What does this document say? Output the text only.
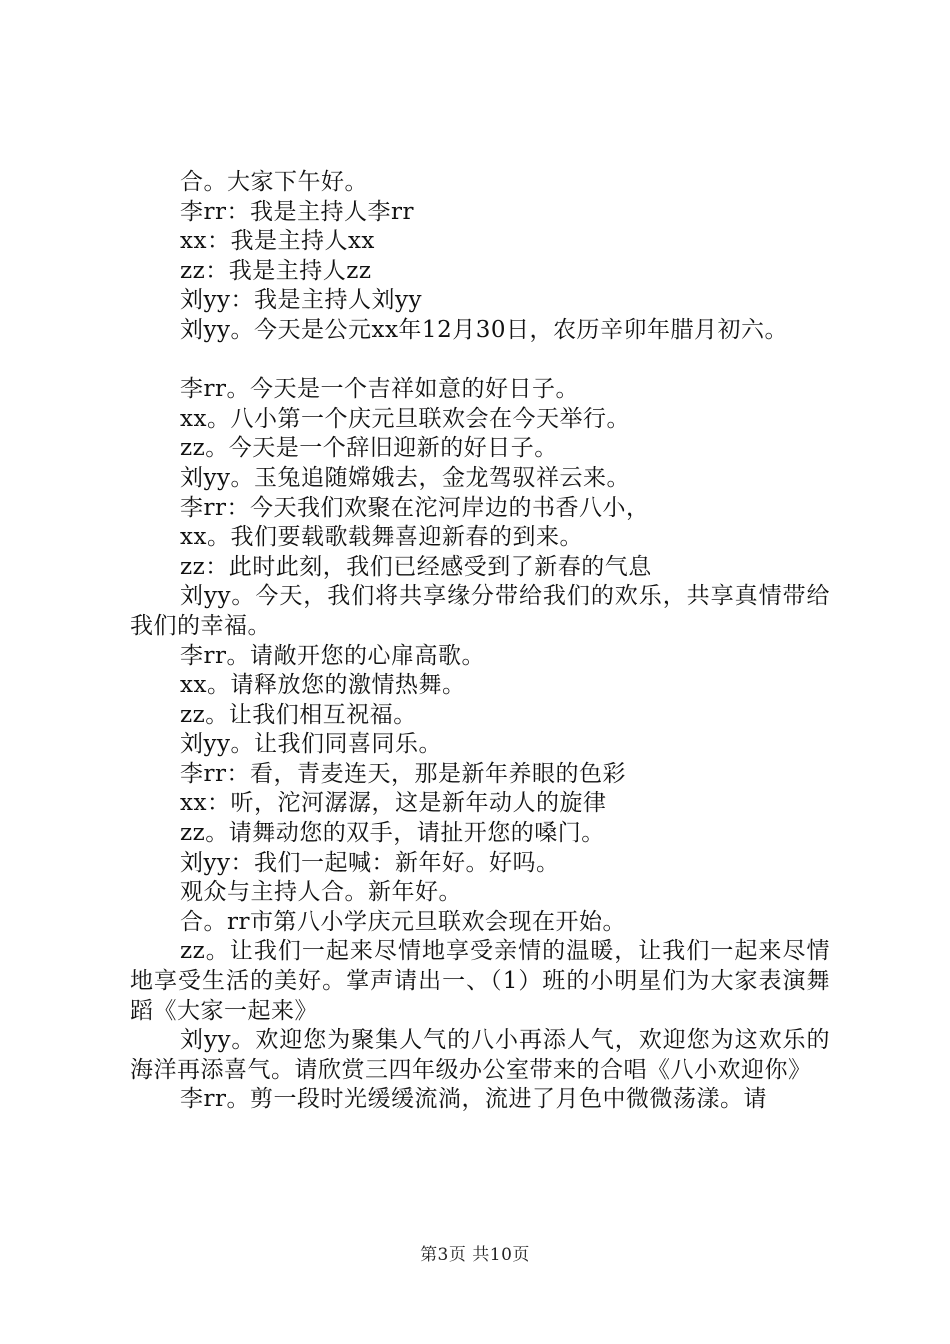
合。大家下午好。
李rr：我是主持人李rr
xx：我是主持人xx
zz：我是主持人zz
刘yy：我是主持人刘yy
刘yy。今天是公元xx年12月30日，农历辛卯年腊月初六。
李rr。今天是一个吉祥如意的好日子。
xx。八小第一个庆元旦联欢会在今天举行。
zz。今天是一个辞旧迎新的好日子。
刘yy。玉兔追随嫦娥去，金龙驾驭祥云来。
李rr：今天我们欢聚在沱河岸边的书香八小，
xx。我们要载歌载舞喜迎新春的到来。
zz：此时此刻，我们已经感受到了新春的气息
刘yy。今天，我们将共享缘分带给我们的欢乐，共享真情带给我们的幸福。
李rr。请敞开您的心扉高歌。
xx。请释放您的激情热舞。
zz。让我们相互祝福。
刘yy。让我们同喜同乐。
李rr：看，青麦连天，那是新年养眼的色彩
xx：听，沱河潺潺，这是新年动人的旋律
zz。请舞动您的双手，请扯开您的嗓门。
刘yy：我们一起喊：新年好。好吗。
观众与主持人合。新年好。
合。rr市第八小学庆元旦联欢会现在开始。
zz。让我们一起来尽情地享受亲情的温暖，让我们一起来尽情地享受生活的美好。掌声请出一、（1）班的小明星们为大家表演舞蹈《大家一起来》
刘yy。欢迎您为聚集人气的八小再添人气，欢迎您为这欢乐的海洋再添喜气。请欣赏三四年级办公室带来的合唱《八小欢迎你》
李rr。剪一段时光缓缓流淌，流进了月色中微微荡漾。请
第3页 共10页
